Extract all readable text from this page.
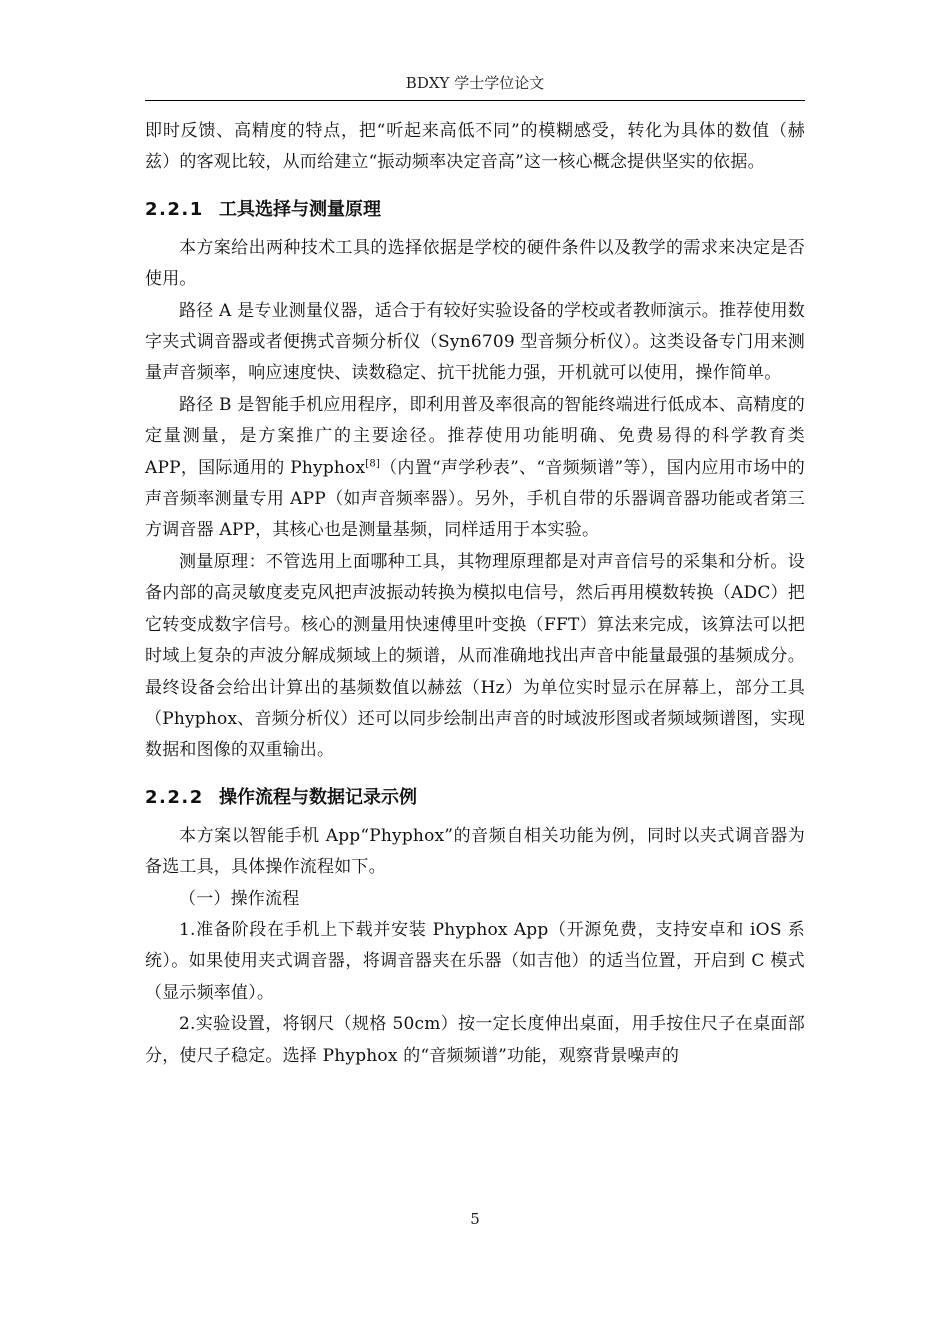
BDXY 学士学位论文

即时反馈、高精度的特点，把“听起来高低不同”的模糊感受，转化为具体的数值（赫兹）的客观比较，从而给建立“振动频率决定音高”这一核心概念提供坚实的依据。

2.2.1 工具选择与测量原理

本方案给出两种技术工具的选择依据是学校的硬件条件以及教学的需求来决定是否使用。

路径 A 是专业测量仪器，适合于有较好实验设备的学校或者教师演示。推荐使用数字夹式调音器或者便携式音频分析仪（Syn6709 型音频分析仪）。这类设备专门用来测量声音频率，响应速度快、读数稳定、抗干扰能力强，开机就可以使用，操作简单。

路径 B 是智能手机应用程序，即利用普及率很高的智能终端进行低成本、高精度的定量测量，是方案推广的主要途径。推荐使用功能明确、免费易得的科学教育类 APP，国际通用的 Phyphox[8]（内置“声学秒表”、“音频频谱”等），国内应用市场中的声音频率测量专用 APP（如声音频率器）。另外，手机自带的乐器调音器功能或者第三方调音器 APP，其核心也是测量基频，同样适用于本实验。

测量原理：不管选用上面哪种工具，其物理原理都是对声音信号的采集和分析。设备内部的高灵敏度麦克风把声波振动转换为模拟电信号，然后再用模数转换（ADC）把它转变成数字信号。核心的测量用快速傅里叶变换（FFT）算法来完成，该算法可以把时域上复杂的声波分解成频域上的频谱，从而准确地找出声音中能量最强的基频成分。最终设备会给出计算出的基频数值以赫兹（Hz）为单位实时显示在屏幕上，部分工具（Phyphox、音频分析仪）还可以同步绘制出声音的时域波形图或者频域频谱图，实现数据和图像的双重输出。

2.2.2 操作流程与数据记录示例

本方案以智能手机 App“Phyphox”的音频自相关功能为例，同时以夹式调音器为备选工具，具体操作流程如下。

（一）操作流程

1.准备阶段在手机上下载并安装 Phyphox App（开源免费，支持安卓和 iOS 系统）。如果使用夹式调音器，将调音器夹在乐器（如吉他）的适当位置，开启到 C 模式（显示频率值）。

2.实验设置，将钢尺（规格 50cm）按一定长度伸出桌面，用手按住尺子在桌面部分，使尺子稳定。选择 Phyphox 的“音频频谱”功能，观察背景噪声的

5
